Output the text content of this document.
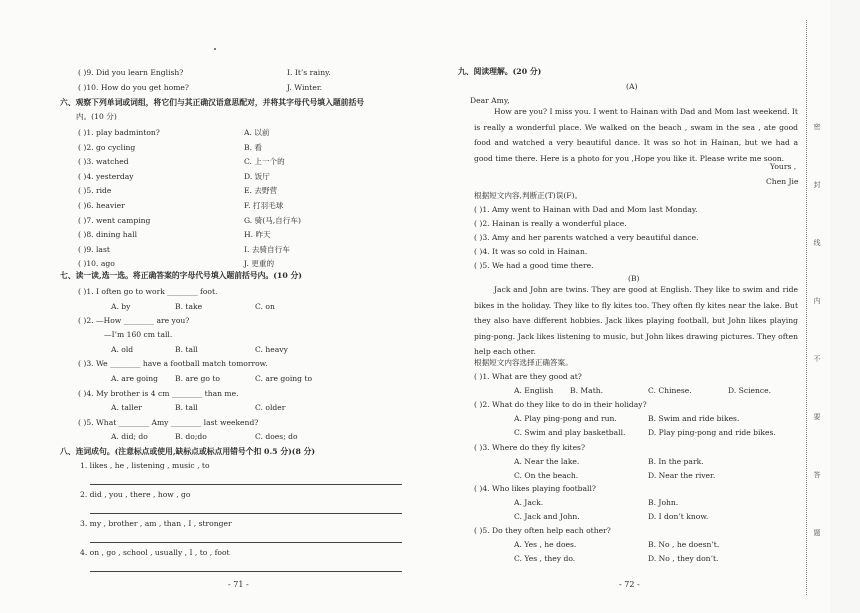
( )9. Did you learn English?	I. It’s rainy.
( )10. How do you get home?	J. Winter.
六、观察下列单词或词组，将它们与其正确汉语意思配对，并将其字母代号填入题前括号
内。(10 分)
( )1. play badminton?	A. 以前
( )2. go cycling	B. 看
( )3. watched	C. 上一个的
( )4. yesterday	D. 饭厅
( )5. ride	E. 去野营
( )6. heavier	F. 打羽毛球
( )7. went camping	G. 骑(马,自行车)
( )8. dining hall	H. 昨天
( )9. last	I. 去骑自行车
( )10. ago	J. 更重的
七、读一读,选一选。将正确答案的字母代号填入题前括号内。(10 分)
( )1. I often go to work ________ foot.
A. by	B. take	C. on
( )2. —How ________ are you?
—I’m 160 cm tall.
A. old	B. tall	C. heavy
( )3. We ________ have a football match tomorrow.
A. are going B. are go to	C. are going to
( )4. My brother is 4 cm ________ than me.
A. taller	B. tall	C. older
( )5. What ________ Amy ________ last weekend?
A. did; do	B. do;do	C. does; do
八、连词成句。(注意标点或使用,缺标点或标点用错号个扣 0.5 分)(8 分)
1. likes , he , listening , music , to
2. did , you , there , how , go
3. my , brother , am , than , I , stronger
4. on , go , school , usually , I , to , foot
- 71 -
九、阅读理解。(20 分)
(A)
Dear Amy,
How are you? I miss you. I went to Hainan with Dad and Mom last weekend. It is really a wonderful place. We walked on the beach , swam in the sea , ate good food and watched a very beautiful dance. It was so hot in Hainan, but we had a good time there. Here is a photo for you ,Hope you like it. Please write me soon.
Yours ,
Chen Jie
根据短文内容,判断正(T)误(F)。
( )1. Amy went to Hainan with Dad and Mom last Monday.
( )2. Hainan is really a wonderful place.
( )3. Amy and her parents watched a very beautiful dance.
( )4. It was so cold in Hainan.
( )5. We had a good time there.
(B)
Jack and John are twins. They are good at English. They like to swim and ride bikes in the holiday. They like to fly kites too. They often fly kites near the lake. But they also have different hobbies. Jack likes playing football, but John likes playing ping-pong. Jack likes listening to music, but John likes drawing pictures. They often help each other.
根据短文内容选择正确答案。
( )1. What are they good at?
A. English B. Math.	C. Chinese.	D. Science.
( )2. What do they like to do in their holiday?
A. Play ping-pong and run.	B. Swim and ride bikes.
C. Swim and play basketball.	D. Play ping-pong and ride bikes.
( )3. Where do they fly kites?
A. Near the lake.	B. In the park.
C. On the beach.	D. Near the river.
( )4. Who likes playing football?
A. Jack.	B. John.
C. Jack and John.	D. I don’t know.
( )5. Do they often help each other?
A. Yes , he does.	B. No , he doesn’t.
C. Yes , they do.	D. No , they don’t.
- 72 -
密
封
线
内
不
要
答
题
